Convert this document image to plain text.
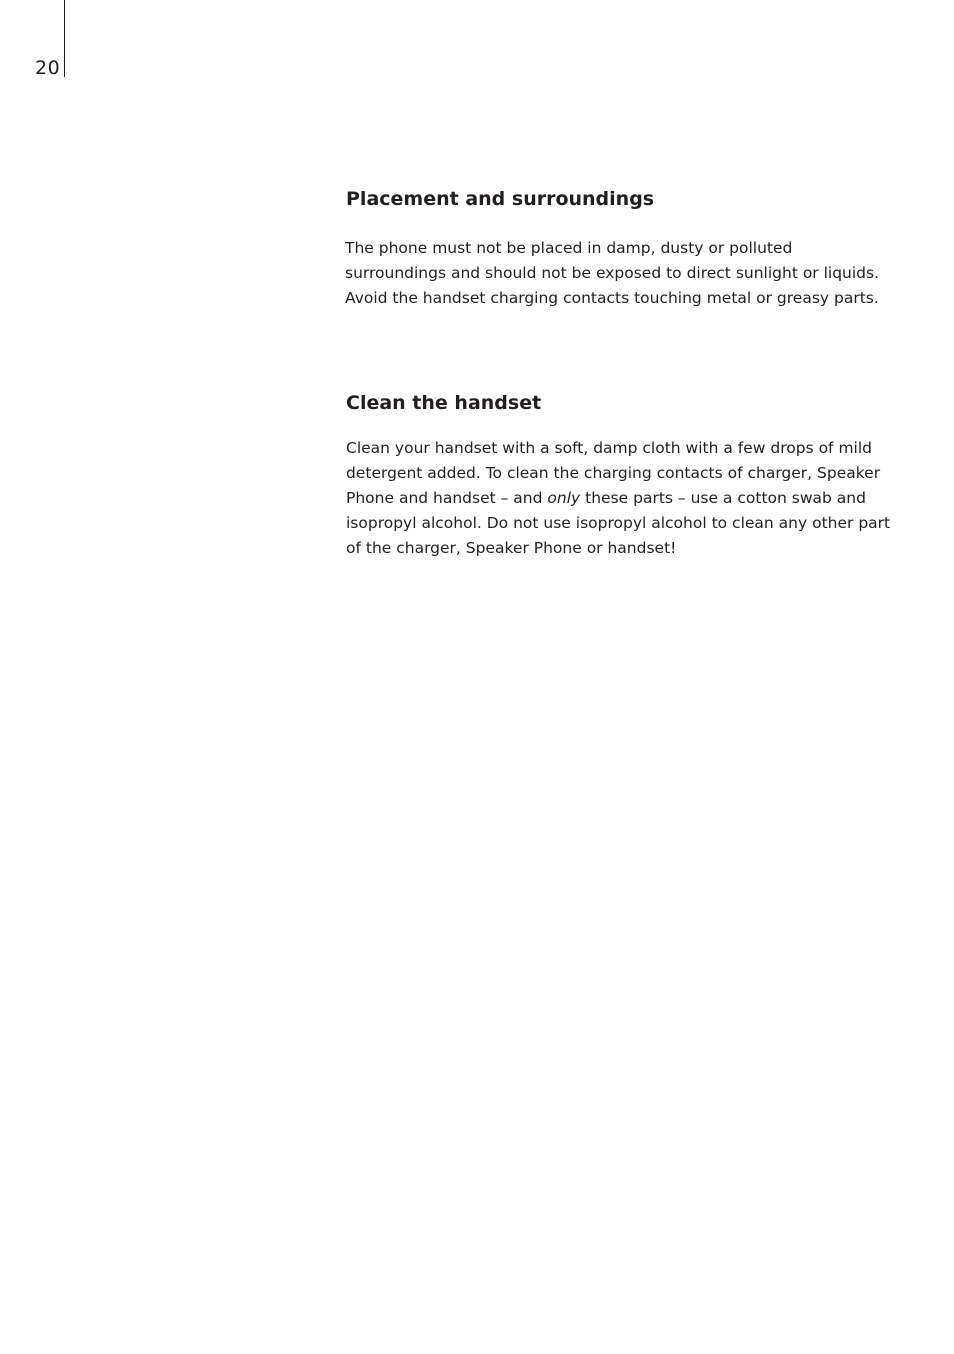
20
Placement and surroundings

The phone must not be placed in damp, dusty or polluted surroundings and should not be exposed to direct sunlight or liquids. Avoid the handset charging contacts touching metal or greasy parts.

Clean the handset

Clean your handset with a soft, damp cloth with a few drops of mild detergent added. To clean the charging contacts of charger, Speaker Phone and handset – and only these parts – use a cotton swab and isopropyl alcohol. Do not use isopropyl alcohol to clean any other part of the charger, Speaker Phone or handset!
